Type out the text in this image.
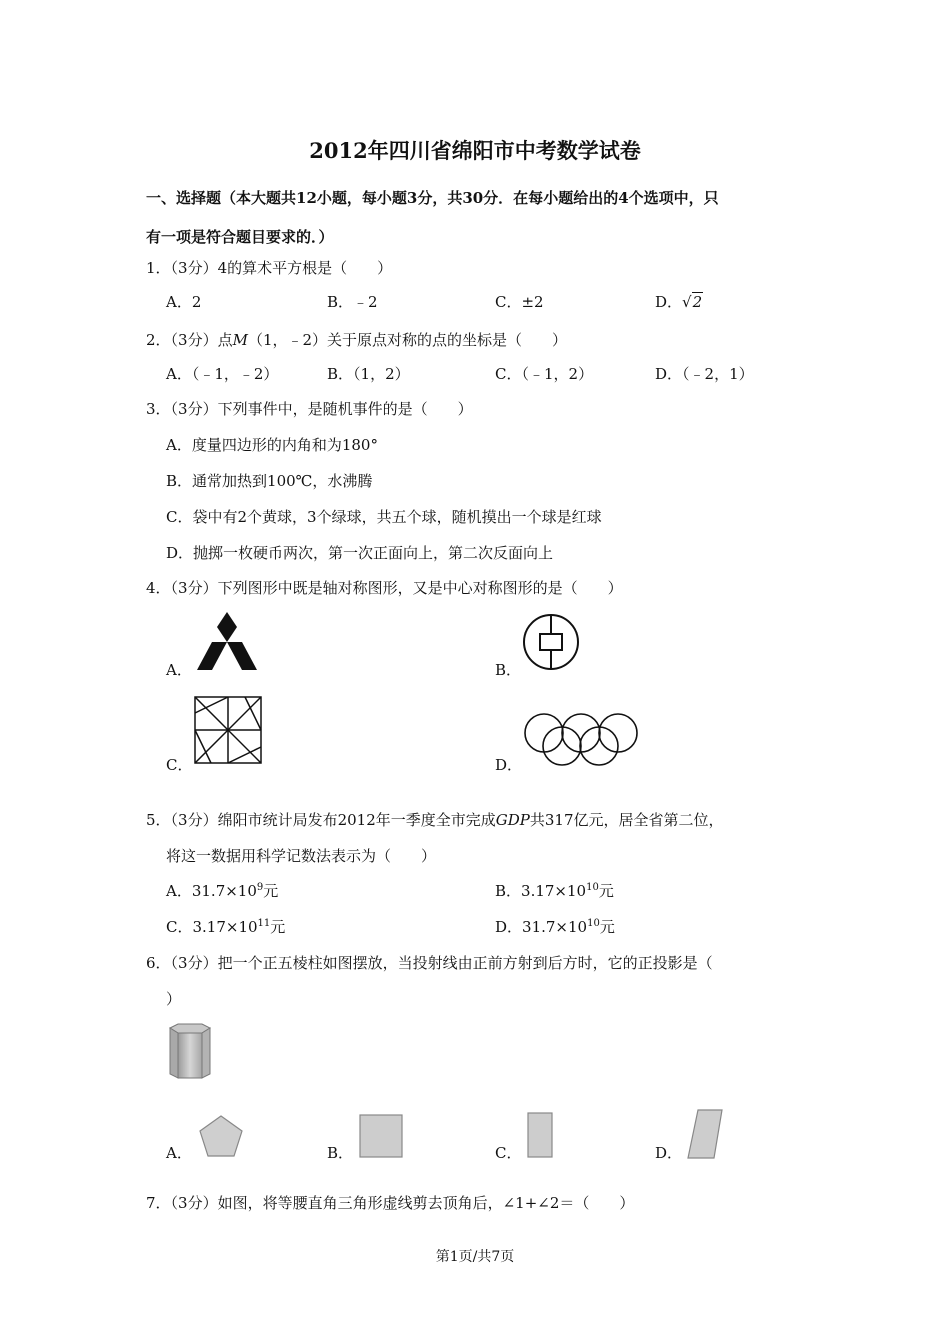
2012年四川省绵阳市中考数学试卷
一、选择题（本大题共12小题，每小题3分，共30分．在每小题给出的4个选项中，只
有一项是符合题目要求的．）
1．（3分）4的算术平方根是（　　）
A．2	B．﹣2	C．±2	D．√2
2．（3分）点M（1，﹣2）关于原点对称的点的坐标是（　　）
A．（﹣1，﹣2）	B．（1，2）	C．（﹣1，2）	D．（﹣2，1）
3．（3分）下列事件中，是随机事件的是（　　）
A．度量四边形的内角和为180°
B．通常加热到100℃，水沸腾
C．袋中有2个黄球，3个绿球，共五个球，随机摸出一个球是红球
D．抛掷一枚硬币两次，第一次正面向上，第二次反面向上
4．（3分）下列图形中既是轴对称图形，又是中心对称图形的是（　　）
A．	B．
C．	D．
5．（3分）绵阳市统计局发布2012年一季度全市完成GDP共317亿元，居全省第二位，
将这一数据用科学记数法表示为（　　）
A．$31.7\times 10^9$元	B．$3.17\times 10^{10}$元
C．$3.17\times 10^{11}$元	D．$31.7\times 10^{10}$元
6．（3分）把一个正五棱柱如图摆放，当投射线由正前方射到后方时，它的正投影是（
）
A．	B．	C．	D．
7．（3分）如图，将等腰直角三角形虚线剪去顶角后，∠1+∠2＝（　　）
第1页/共7页
